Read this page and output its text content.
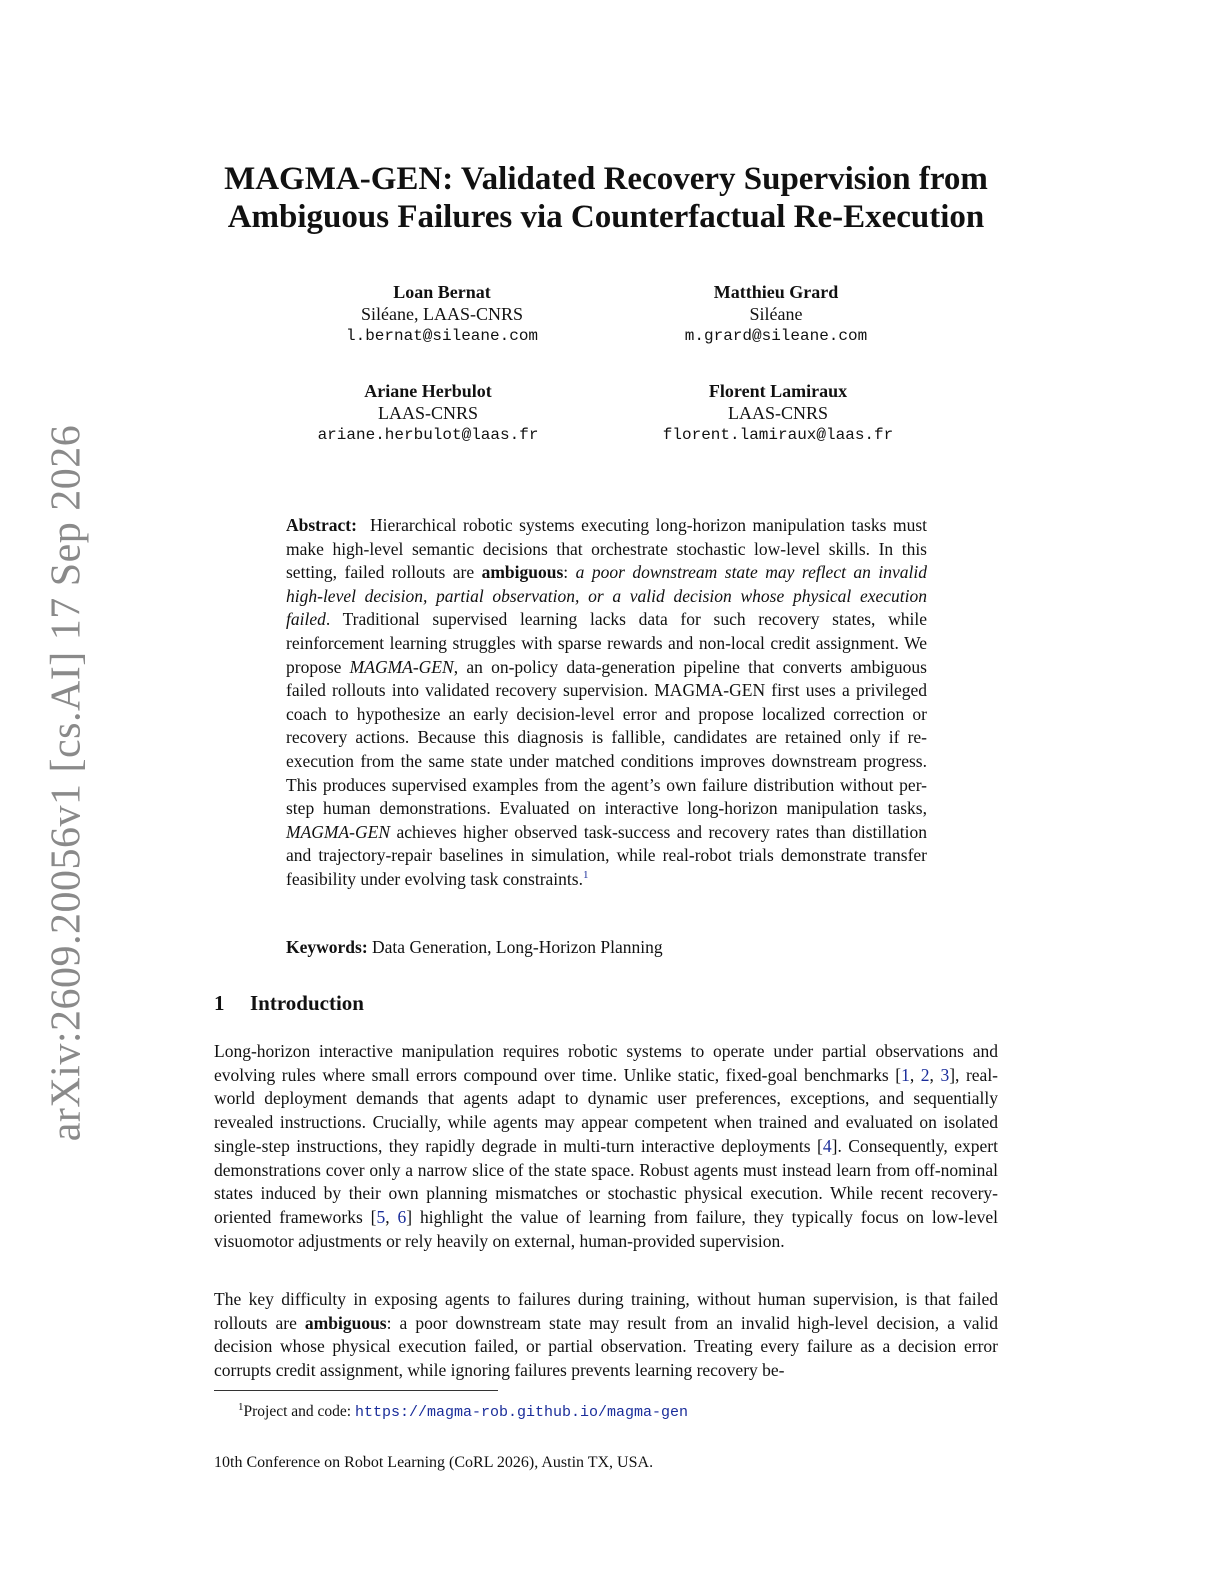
arXiv:2609.20056v1 [cs.AI] 17 Sep 2026
MAGMA-GEN: Validated Recovery Supervision from
Ambiguous Failures via Counterfactual Re-Execution
Loan Bernat
Siléane, LAAS-CNRS
l.bernat@sileane.com
Matthieu Grard
Siléane
m.grard@sileane.com
Ariane Herbulot
LAAS-CNRS
ariane.herbulot@laas.fr
Florent Lamiraux
LAAS-CNRS
florent.lamiraux@laas.fr

Abstract: Hierarchical robotic systems executing long-horizon manipulation tasks must make high-level semantic decisions that orchestrate stochastic low-level skills. In this setting, failed rollouts are ambiguous: a poor downstream state may reflect an invalid high-level decision, partial observation, or a valid decision whose physical execution failed. Traditional supervised learning lacks data for such recovery states, while reinforcement learning struggles with sparse rewards and non-local credit assignment. We propose MAGMA-GEN, an on-policy data-generation pipeline that converts ambiguous failed rollouts into validated recovery supervision. MAGMA-GEN first uses a privileged coach to hypothesize an early decision-level error and propose localized correction or recovery actions. Because this diagnosis is fallible, candidates are retained only if re-execution from the same state under matched conditions improves downstream progress. This produces supervised examples from the agent’s own failure distribution without per-step human demonstrations. Evaluated on interactive long-horizon manipulation tasks, MAGMA-GEN achieves higher observed task-success and recovery rates than distillation and trajectory-repair baselines in simulation, while real-robot trials demonstrate transfer feasibility under evolving task constraints.$^1$

Keywords: Data Generation, Long-Horizon Planning

1 Introduction

Long-horizon interactive manipulation requires robotic systems to operate under partial observations and evolving rules where small errors compound over time. Unlike static, fixed-goal benchmarks [1, 2, 3], real-world deployment demands that agents adapt to dynamic user preferences, exceptions, and sequentially revealed instructions. Crucially, while agents may appear competent when trained and evaluated on isolated single-step instructions, they rapidly degrade in multi-turn interactive deployments [4]. Consequently, expert demonstrations cover only a narrow slice of the state space. Robust agents must instead learn from off-nominal states induced by their own planning mismatches or stochastic physical execution. While recent recovery-oriented frameworks [5, 6] highlight the value of learning from failure, they typically focus on low-level visuomotor adjustments or rely heavily on external, human-provided supervision.

The key difficulty in exposing agents to failures during training, without human supervision, is that failed rollouts are ambiguous: a poor downstream state may result from an invalid high-level decision, a valid decision whose physical execution failed, or partial observation. Treating every failure as a decision error corrupts credit assignment, while ignoring failures prevents learning recovery be-

$^1$Project and code: https://magma-rob.github.io/magma-gen

10th Conference on Robot Learning (CoRL 2026), Austin TX, USA.
